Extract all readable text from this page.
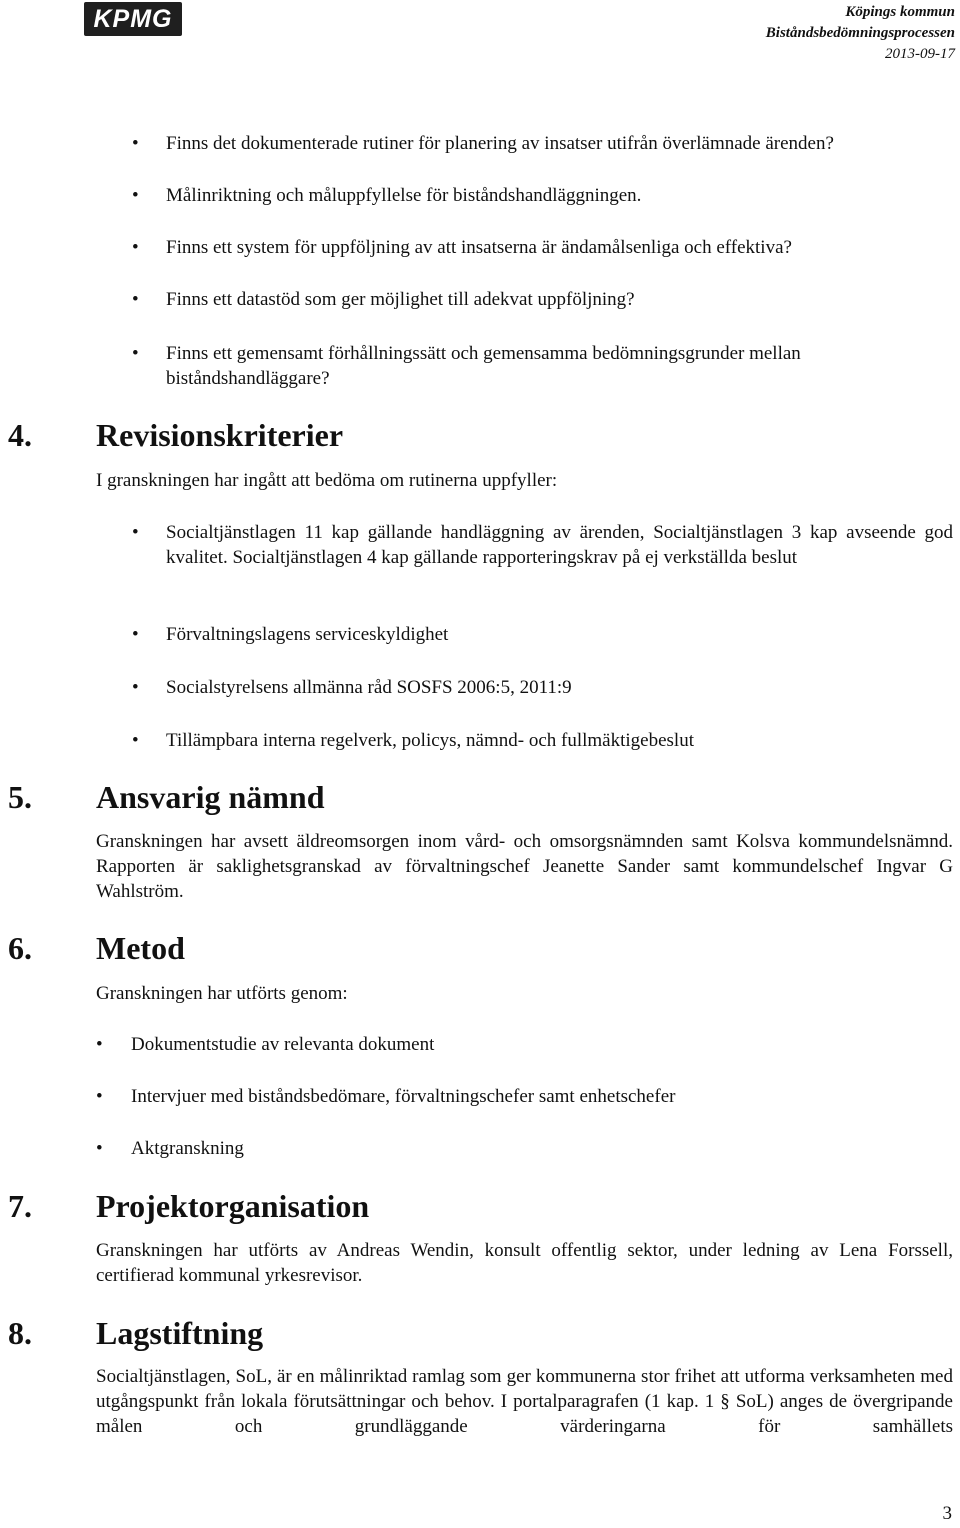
KPMG	Köpings kommun
Biståndsbedömningsprocessen
2013-09-17
• Finns det dokumenterade rutiner för planering av insatser utifrån överlämnade ärenden?
• Målinriktning och måluppfyllelse för biståndshandläggningen.
• Finns ett system för uppföljning av att insatserna är ändamålsenliga och effektiva?
• Finns ett datastöd som ger möjlighet till adekvat uppföljning?
• Finns ett gemensamt förhållningssätt och gemensamma bedömningsgrunder mellan biståndshandläggare?
4. Revisionskriterier
I granskningen har ingått att bedöma om rutinerna uppfyller:
• Socialtjänstlagen 11 kap gällande handläggning av ärenden, Socialtjänstlagen 3 kap avseende god kvalitet. Socialtjänstlagen 4 kap gällande rapporteringskrav på ej verkställda beslut
• Förvaltningslagens serviceskyldighet
• Socialstyrelsens allmänna råd SOSFS 2006:5, 2011:9
• Tillämpbara interna regelverk, policys, nämnd- och fullmäktigebeslut
5. Ansvarig nämnd
Granskningen har avsett äldreomsorgen inom vård- och omsorgsnämnden samt Kolsva kommundelsnämnd. Rapporten är saklighetsgranskad av förvaltningschef Jeanette Sander samt kommundelschef Ingvar G Wahlström.
6. Metod
Granskningen har utförts genom:
• Dokumentstudie av relevanta dokument
• Intervjuer med biståndsbedömare, förvaltningschefer samt enhetschefer
• Aktgranskning
7. Projektorganisation
Granskningen har utförts av Andreas Wendin, konsult offentlig sektor, under ledning av Lena Forssell, certifierad kommunal yrkesrevisor.
8. Lagstiftning
Socialtjänstlagen, SoL, är en målinriktad ramlag som ger kommunerna stor frihet att utforma verksamheten med utgångspunkt från lokala förutsättningar och behov. I portalparagrafen (1 kap. 1 § SoL) anges de övergripande målen och grundläggande värderingarna för samhällets
3
